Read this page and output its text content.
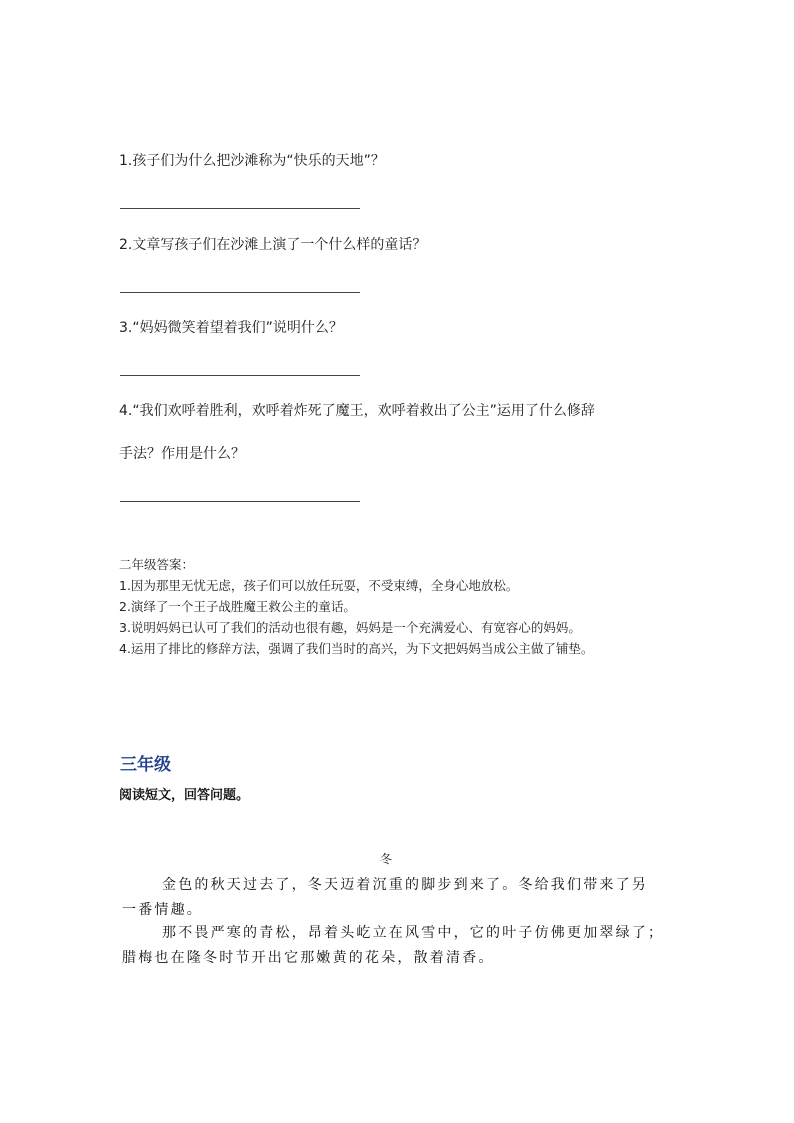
1.孩子们为什么把沙滩称为“快乐的天地”？
2.文章写孩子们在沙滩上演了一个什么样的童话？
3.“妈妈微笑着望着我们”说明什么？
4.“我们欢呼着胜利，欢呼着炸死了魔王，欢呼着救出了公主”运用了什么修辞
手法？作用是什么？
二年级答案：
1.因为那里无忧无虑，孩子们可以放任玩耍，不受束缚，全身心地放松。
2.演绎了一个王子战胜魔王救公主的童话。
3.说明妈妈已认可了我们的活动也很有趣，妈妈是一个充满爱心、有宽容心的妈妈。
4.运用了排比的修辞方法，强调了我们当时的高兴，为下文把妈妈当成公主做了铺垫。
三年级
阅读短文，回答问题。
冬
金色的秋天过去了，冬天迈着沉重的脚步到来了。冬给我们带来了另
一番情趣。
那不畏严寒的青松，昂着头屹立在风雪中，它的叶子仿佛更加翠绿了；
腊梅也在隆冬时节开出它那嫩黄的花朵，散着清香。
